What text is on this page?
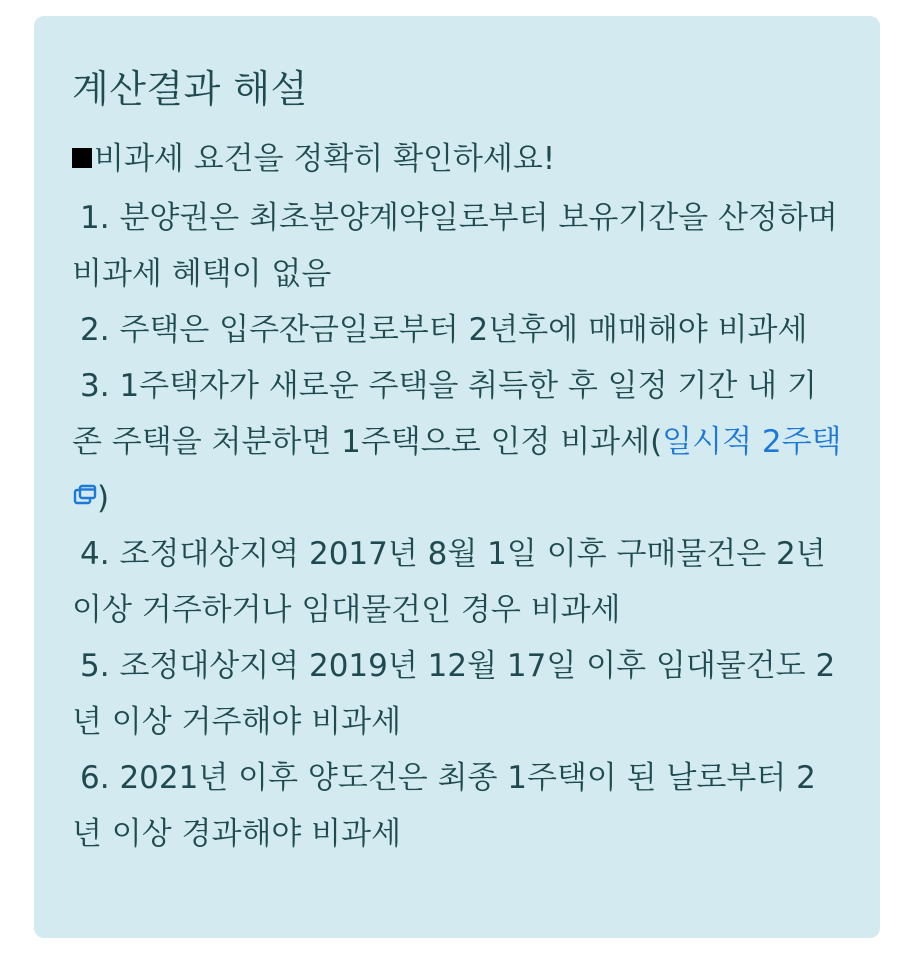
계산결과 해설

비과세 요건을 정확히 확인하세요!

1. 분양권은 최초분양계약일로부터 보유기간을 산정하며 비과세 혜택이 없음
2. 주택은 입주잔금일로부터 2년후에 매매해야 비과세
3. 1주택자가 새로운 주택을 취득한 후 일정 기간 내 기존 주택을 처분하면 1주택으로 인정 비과세(일시적 2주택)
4. 조정대상지역 2017년 8월 1일 이후 구매물건은 2년 이상 거주하거나 임대물건인 경우 비과세
5. 조정대상지역 2019년 12월 17일 이후 임대물건도 2년 이상 거주해야 비과세
6. 2021년 이후 양도건은 최종 1주택이 된 날로부터 2년 이상 경과해야 비과세
